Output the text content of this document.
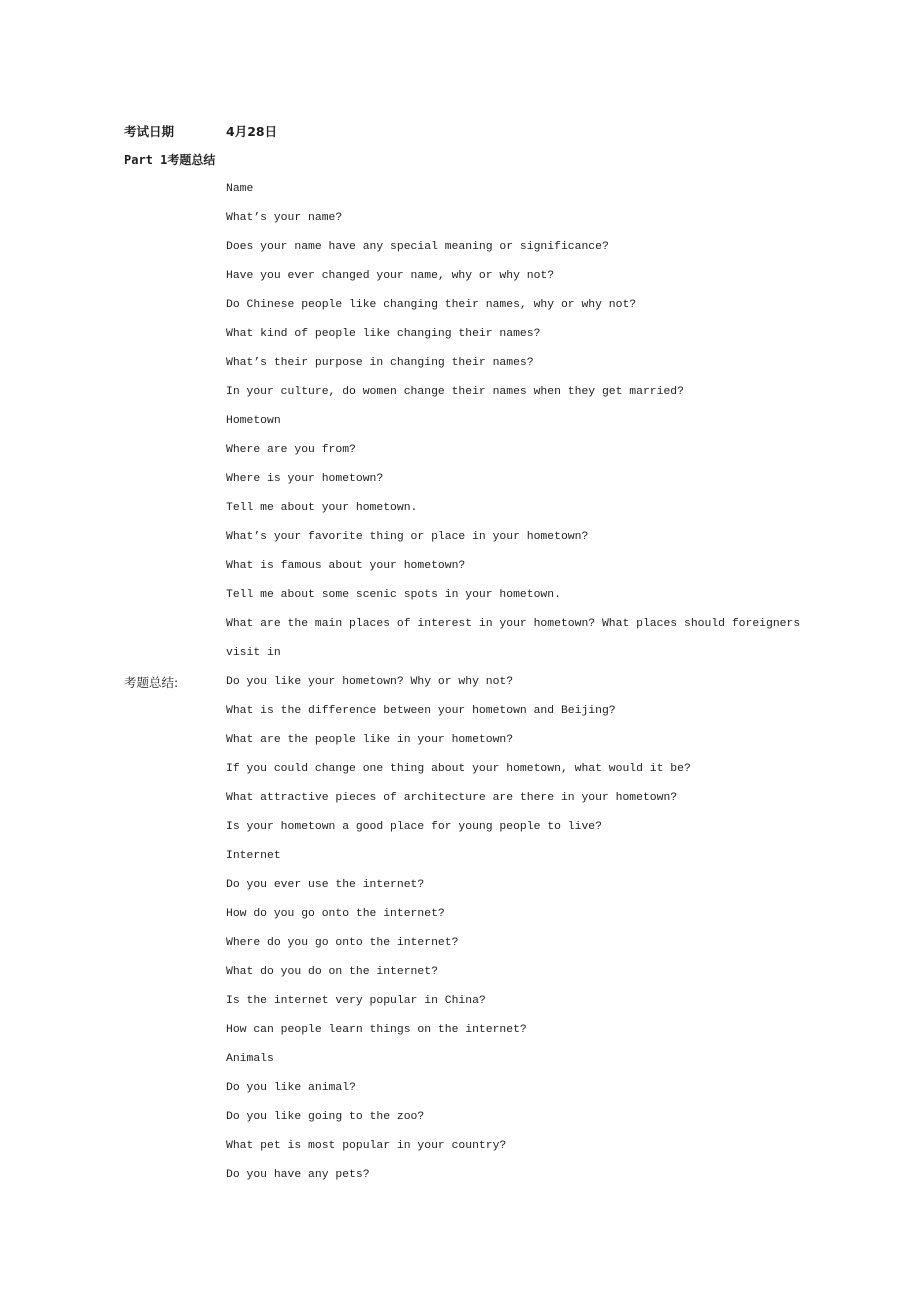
考试日期	4月28日
Part 1考题总结
Name
What’s your name?
Does your name have any special meaning or significance?
Have you ever changed your name, why or why not?
Do Chinese people like changing their names, why or why not?
What kind of people like changing their names?
What’s their purpose in changing their names?
In your culture, do women change their names when they get married?
Hometown
Where are you from?
Where is your hometown?
Tell me about your hometown.
What’s your favorite thing or place in your hometown?
What is famous about your hometown?
Tell me about some scenic spots in your hometown.
What are the main places of interest in your hometown? What places should foreigners visit in
考题总结:	Do you like your hometown? Why or why not?
What is the difference between your hometown and Beijing?
What are the people like in your hometown?
If you could change one thing about your hometown, what would it be?
What attractive pieces of architecture are there in your hometown?
Is your hometown a good place for young people to live?
Internet
Do you ever use the internet?
How do you go onto the internet?
Where do you go onto the internet?
What do you do on the internet?
Is the internet very popular in China?
How can people learn things on the internet?
Animals
Do you like animal?
Do you like going to the zoo?
What pet is most popular in your country?
Do you have any pets?
